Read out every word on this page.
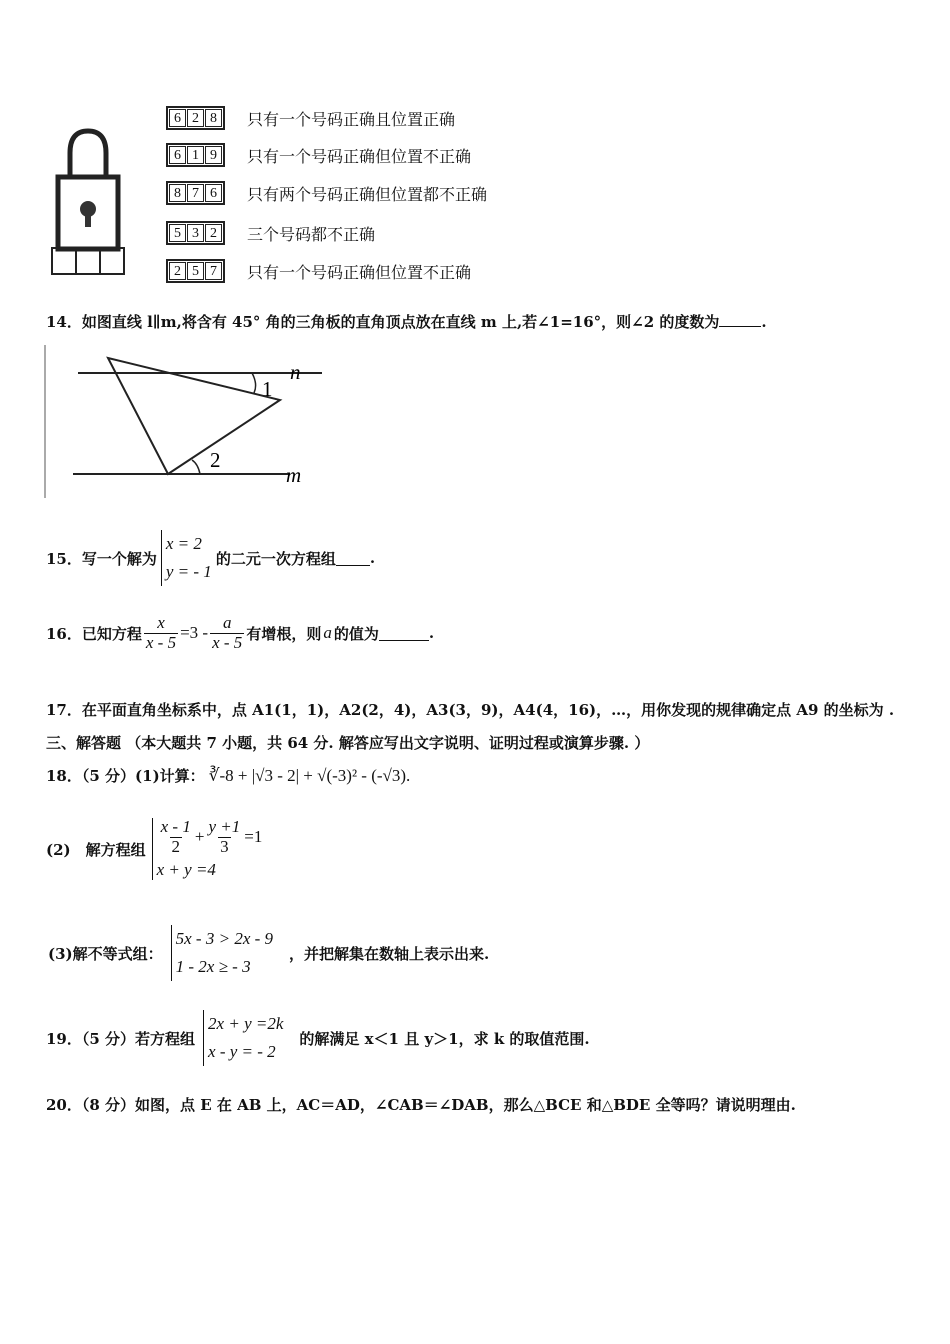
6 2 8	只有一个号码正确且位置正确
6 1 9	只有一个号码正确但位置不正确
8 7 6	只有两个号码正确但位置都不正确
5 3 2	三个号码都不正确
2 5 7	只有一个号码正确但位置不正确
14．如图直线 l∥m,将含有 45° 角的三角板的直角顶点放在直线 m 上,若∠1=16°，则∠2 的度数为	.
1
2
n
m
15．写一个解为
x = 2
y = - 1
的二元一次方程组 .
16．已知方程 $\frac{x}{x - 5} =3 - \frac{a}{x - 5}$ 有增根，则 a 的值为	.
17．在平面直角坐标系中，点 A1(1，1)，A2(2，4)，A3(3，9)，A4(4，16)，…，用你发现的规律确定点 A9 的坐标为 .
三、解答题 （本大题共 7 小题，共 64 分. 解答应写出文字说明、证明过程或演算步骤. ）
18．（5 分）(1)计算： ∛-8 + |√3 - 2| + √(-3)² - (-√3).
(2)　解方程组 $\frac{x - 1}{2} + \frac{y +1}{3} =1$
x + y =4
(3)解不等式组：
5x - 3 > 2x - 9
1 - 2x ≥ - 3
，并把解集在数轴上表示出来.
19．（5 分）若方程组
2x + y =2k
x - y = - 2
的解满足 x＜1 且 y＞1，求 k 的取值范围.
20．（8 分）如图，点 E 在 AB 上，AC＝AD，∠CAB＝∠DAB，那么△BCE 和△BDE 全等吗？请说明理由.
